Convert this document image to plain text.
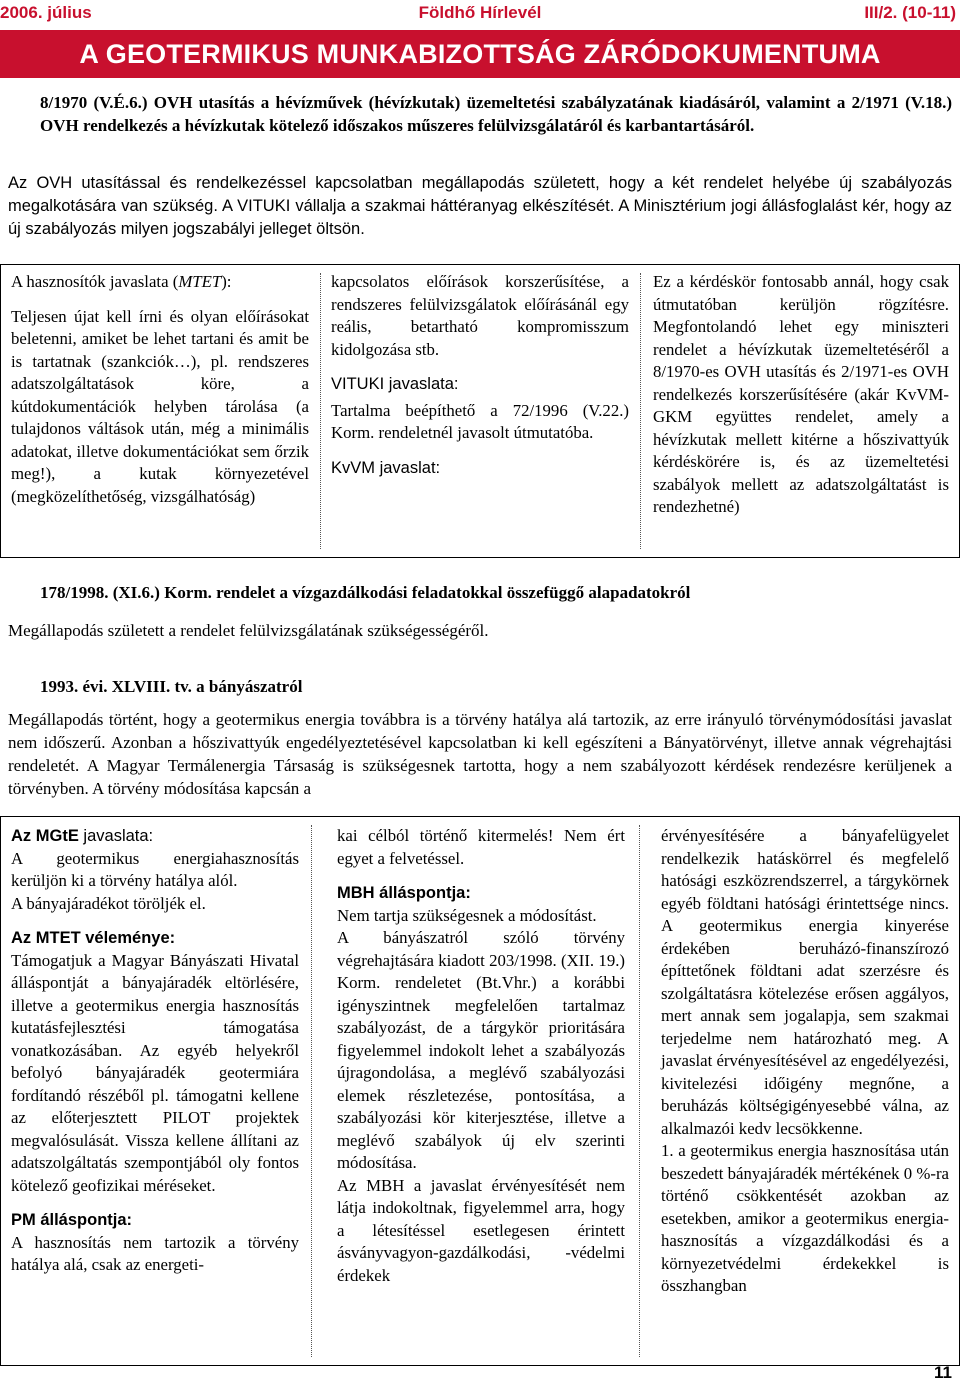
2006. július	Földhő Hírlevél	III/2. (10-11)
A GEOTERMIKUS MUNKABIZOTTSÁG ZÁRÓDOKUMENTUMA
8/1970 (V.É.6.) OVH utasítás a hévízművek (hévízkutak) üzemeltetési szabályzatának kiadásáról, valamint a 2/1971 (V.18.) OVH rendelkezés a hévízkutak kötelező időszakos műszeres felülvizsgálatáról és karbantartásáról.
Az OVH utasítással és rendelkezéssel kapcsolatban megállapodás született, hogy a két rendelet helyébe új szabályozás megalkotására van szükség. A VITUKI vállalja a szakmai háttéranyag elkészítését. A Minisztérium jogi állásfoglalást kér, hogy az új szabályozás milyen jogszabályi jelleget öltsön.
A hasznosítók javaslata (MTET):
Teljesen újat kell írni és olyan előírásokat beletenni, amiket be lehet tartani és amit be is tartatnak (szankciók…), pl. rendszeres adatszolgáltatások köre, a kútdokumentációk helyben tárolása (a tulajdonos váltások után, még a minimális adatokat, illetve dokumentációkat sem őrzik meg!), a kutak környezetével (megközelíthetőség, vizsgálhatóság)
kapcsolatos előírások korszerűsítése, a rendszeres felülvizsgálatok előírásánál egy reális, betartható kompromisszum kidolgozása stb.
VITUKI javaslata:
Tartalma beépíthető a 72/1996 (V.22.) Korm. rendeletnél javasolt útmutatóba.
KvVM javaslat:
Ez a kérdéskör fontosabb annál, hogy csak útmutatóban kerüljön rögzítésre. Megfontolandó lehet egy miniszteri rendelet a hévízkutak üzemeltetéséről a 8/1970-es OVH utasítás és 2/1971-es OVH rendelkezés korszerűsítésére (akár KvVM- GKM együttes rendelet, amely a hévízkutak mellett kitérne a hőszivattyúk kérdéskörére is, és az üzemeltetési szabályok mellett az adatszolgáltatást is rendezhetné)
178/1998. (XI.6.) Korm. rendelet a vízgazdálkodási feladatokkal összefüggő alapadatokról
Megállapodás született a rendelet felülvizsgálatának szükségességéről.
1993. évi. XLVIII. tv. a bányászatról
Megállapodás történt, hogy a geotermikus energia továbbra is a törvény hatálya alá tartozik, az erre irányuló törvénymódosítási javaslat nem időszerű. Azonban a hőszivattyúk engedélyeztetésével kapcsolatban ki kell egészíteni a Bányatörvényt, illetve annak végrehajtási rendeletét. A Magyar Termálenergia Társaság is szükségesnek tartotta, hogy a nem szabályozott kérdések rendezésre kerüljenek a törvényben. A törvény módosítása kapcsán a
Az MGtE javaslata:
A geotermikus energiahasznosítás kerüljön ki a törvény hatálya alól.
A bányajáradékot töröljék el.
Az MTET véleménye:
Támogatjuk a Magyar Bányászati Hivatal álláspontját a bányajáradék eltörlésére, illetve a geotermikus energia hasznosítás kutatásfejlesztési támogatása vonatkozásában. Az egyéb helyekről befolyó bányajáradék geotermiára fordítandó részéből pl. támogatni kellene az előterjesztett PILOT projektek megvalósulását. Vissza kellene állítani az adatszolgáltatás szempontjából oly fontos kötelező geofizikai méréseket.
PM álláspontja:
A hasznosítás nem tartozik a törvény hatálya alá, csak az energeti-
kai célból történő kitermelés! Nem ért egyet a felvetéssel.
MBH álláspontja:
Nem tartja szükségesnek a módosítást.
A bányászatról szóló törvény végrehajtására kiadott 203/1998. (XII. 19.) Korm. rendeletet (Bt.Vhr.) a korábbi igényszintnek megfelelően tartalmaz szabályozást, de a tárgykör prioritására figyelemmel indokolt lehet a szabályozás újragondolása, a meglévő szabályozási elemek részletezése, pontosítása, a szabályozási kör kiterjesztése, illetve a meglévő szabályok új elv szerinti módosítása.
Az MBH a javaslat érvényesítését nem látja indokoltnak, figyelemmel arra, hogy a létesítéssel esetlegesen érintett ásványvagyon-gazdálkodási, -védelmi érdekek
érvényesítésére a bányafelügyelet rendelkezik hatáskörrel és megfelelő hatósági eszközrendszerrel, a tárgykörnek egyéb földtani hatósági érintettsége nincs. A geotermikus energia kinyerése érdekében beruházó-finanszírozó építtetőnek földtani adat szerzésre és szolgáltatásra kötelezése erősen aggályos, mert annak sem jogalapja, sem szakmai terjedelme nem határozható meg. A javaslat érvényesítésével az engedélyezési, kivitelezési időigény megnőne, a beruházás költségigényesebbé válna, az alkalmazói kedv lecsökkenne.
1. a geotermikus energia hasznosítása után beszedett bányajáradék mértékének 0 %-ra történő csökkentését azokban az esetekben, amikor a geotermikus energia-hasznosítás a vízgazdálkodási és a környezetvédelmi érdekekkel is összhangban
11
